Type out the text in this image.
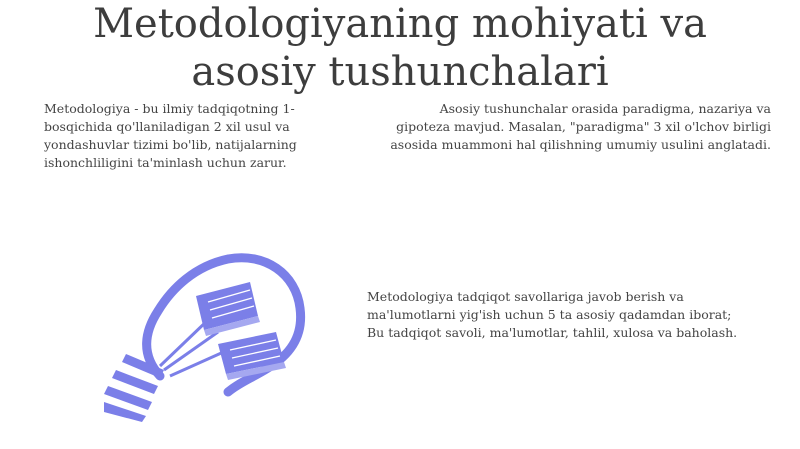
Metodologiyaning mohiyati va
asosiy tushunchalari

Metodologiya - bu ilmiy tadqiqotning 1-bosqichida qo'llaniladigan 2 xil usul va yondashuvlar tizimi bo'lib, natijalarning ishonchliligini ta'minlash uchun zarur.

Asosiy tushunchalar orasida paradigma, nazariya va gipoteza mavjud. Masalan, "paradigma" 3 xil o'lchov birligi asosida muammoni hal qilishning umumiy usulini anglatadi.

Metodologiya tadqiqot savollariga javob berish va ma'lumotlarni yig'ish uchun 5 ta asosiy qadamdan iborat; Bu tadqiqot savoli, ma'lumotlar, tahlil, xulosa va baholash.
